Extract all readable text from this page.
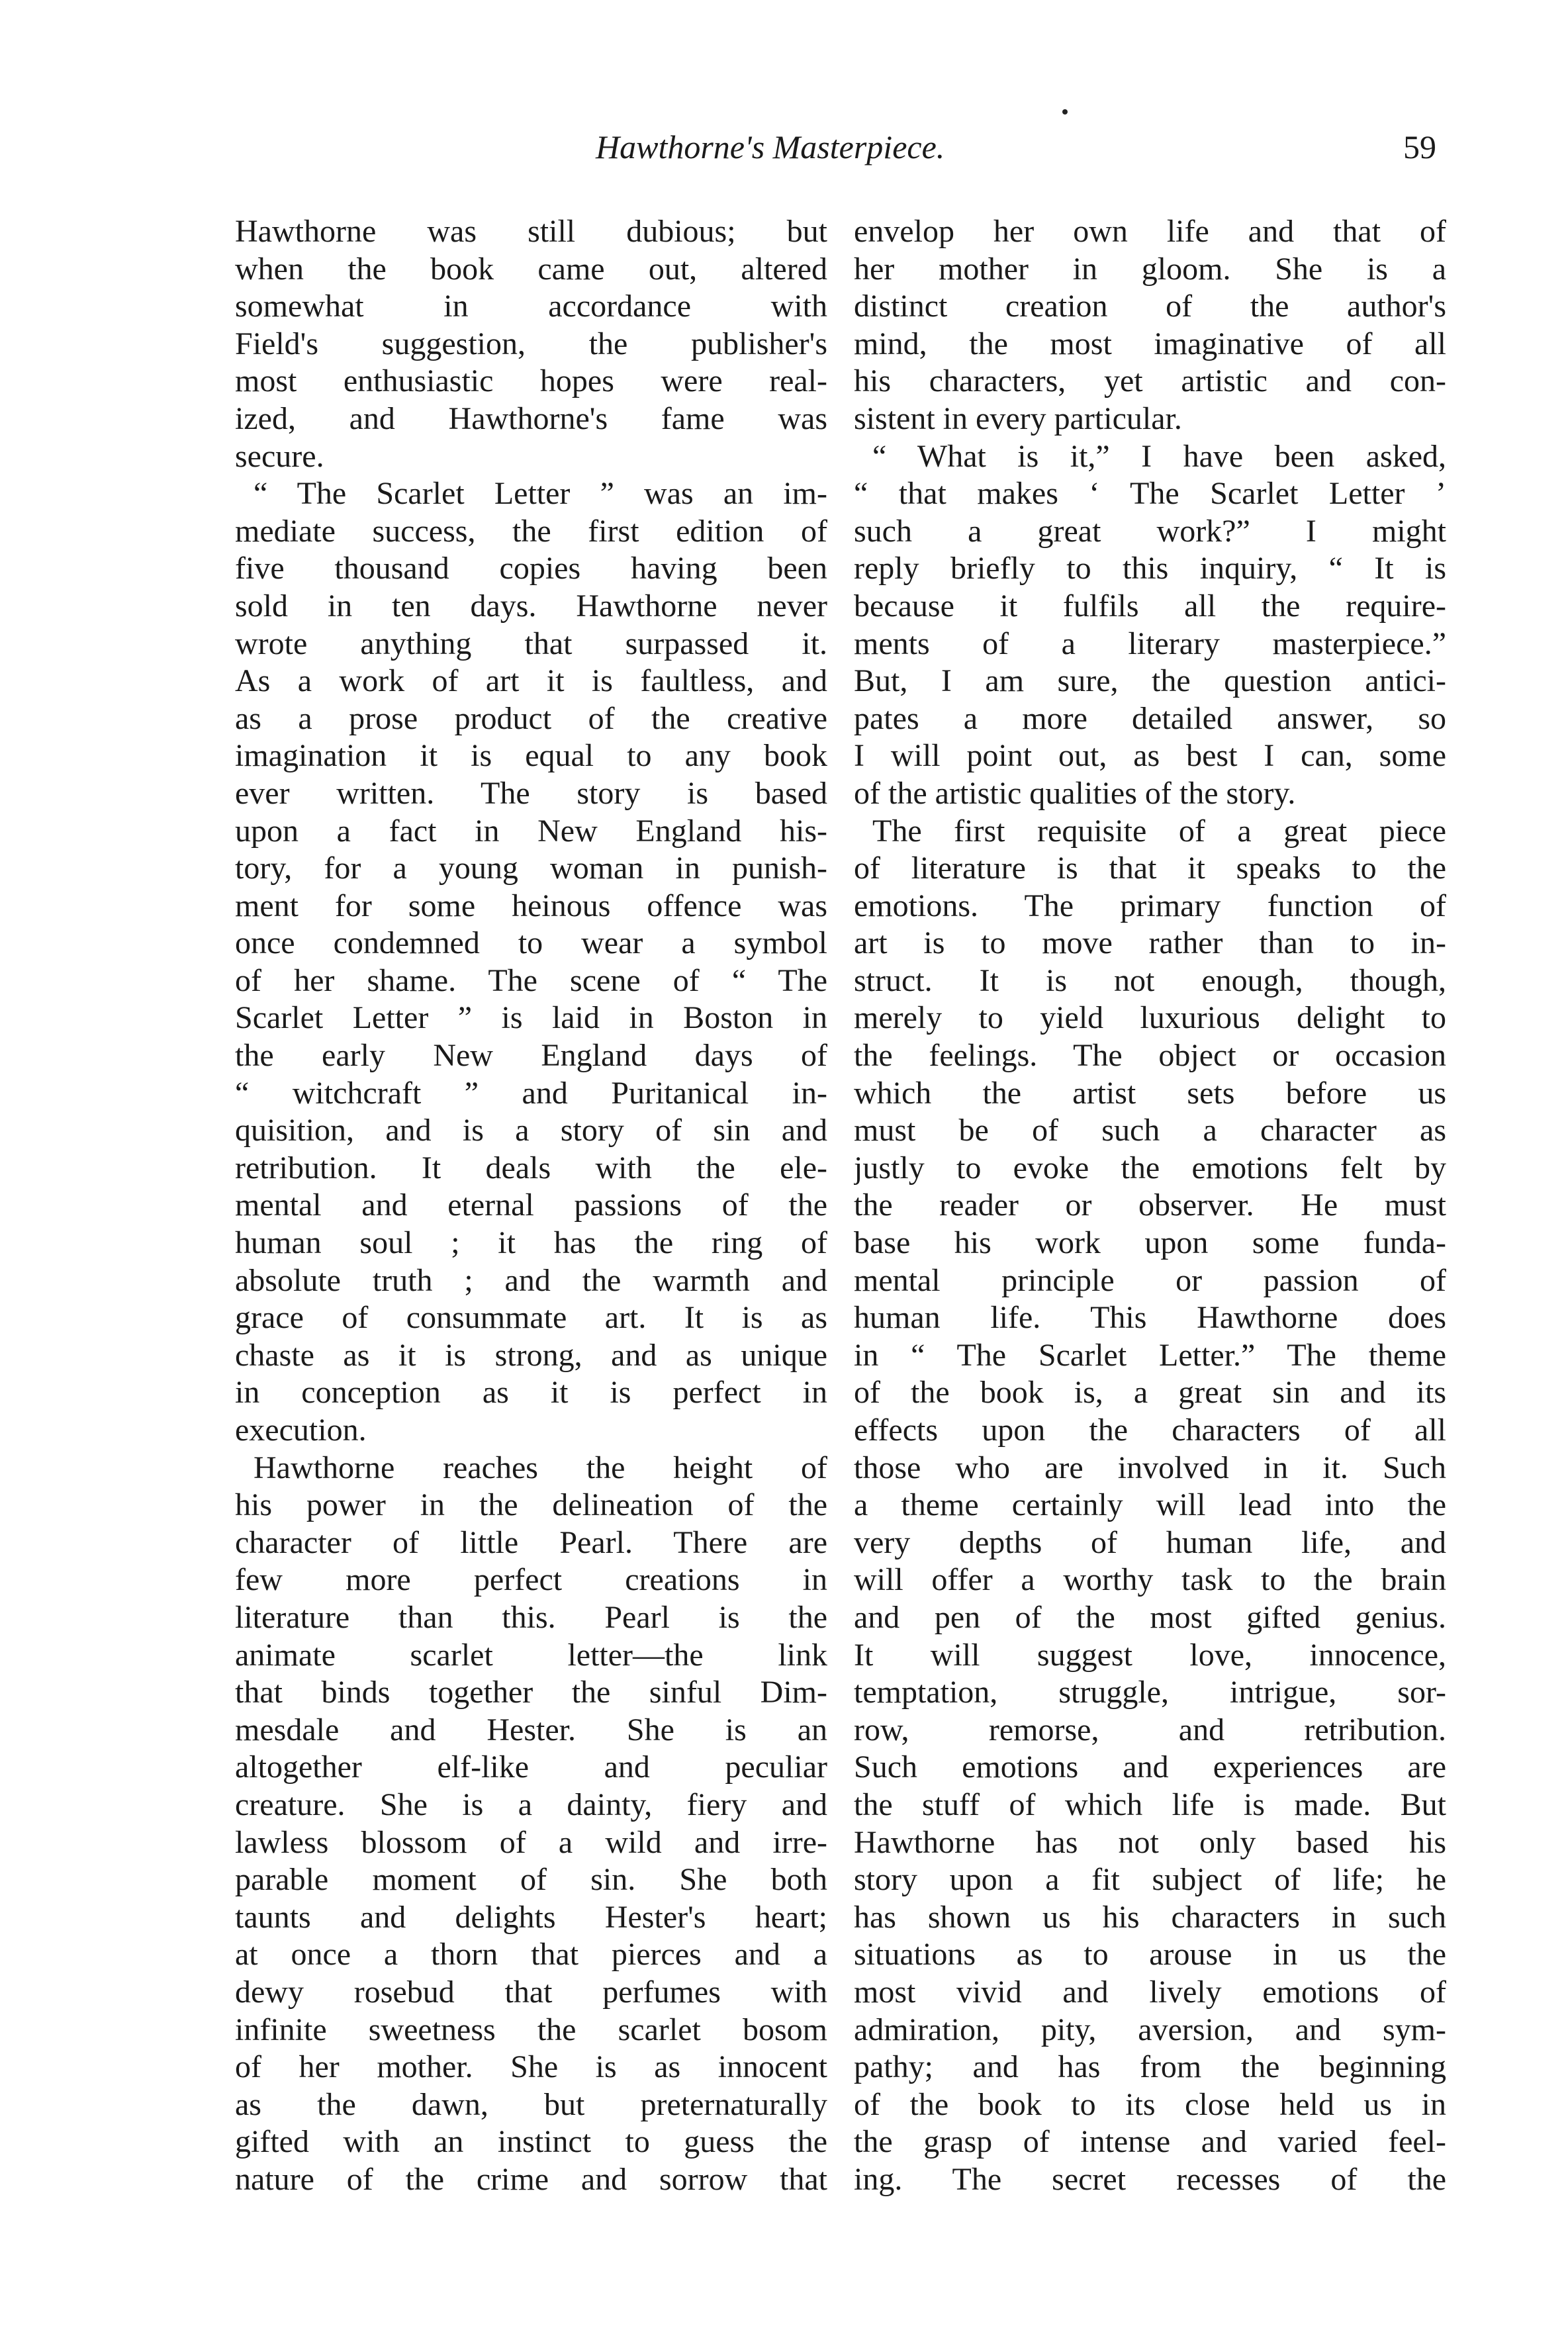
Hawthorne's Masterpiece.	59
Hawthorne was still dubious; but
when the book came out, altered
somewhat in accordance with
Field's suggestion, the publisher's
most enthusiastic hopes were real-
ized, and Hawthorne's fame was
secure.
“ The Scarlet Letter ” was an im-
mediate success, the first edition of
five thousand copies having been
sold in ten days. Hawthorne never
wrote anything that surpassed it.
As a work of art it is faultless, and
as a prose product of the creative
imagination it is equal to any book
ever written. The story is based
upon a fact in New England his-
tory, for a young woman in punish-
ment for some heinous offence was
once condemned to wear a symbol
of her shame. The scene of “ The
Scarlet Letter ” is laid in Boston in
the early New England days of
“ witchcraft ” and Puritanical in-
quisition, and is a story of sin and
retribution. It deals with the ele-
mental and eternal passions of the
human soul ; it has the ring of
absolute truth ; and the warmth and
grace of consummate art. It is as
chaste as it is strong, and as unique
in conception as it is perfect in
execution.
Hawthorne reaches the height of
his power in the delineation of the
character of little Pearl. There are
few more perfect creations in
literature than this. Pearl is the
animate scarlet letter—the link
that binds together the sinful Dim-
mesdale and Hester. She is an
altogether elf-like and peculiar
creature. She is a dainty, fiery and
lawless blossom of a wild and irre-
parable moment of sin. She both
taunts and delights Hester's heart;
at once a thorn that pierces and a
dewy rosebud that perfumes with
infinite sweetness the scarlet bosom
of her mother. She is as innocent
as the dawn, but preternaturally
gifted with an instinct to guess the
nature of the crime and sorrow that
envelop her own life and that of
her mother in gloom. She is a
distinct creation of the author's
mind, the most imaginative of all
his characters, yet artistic and con-
sistent in every particular.
“ What is it,” I have been asked,
“ that makes ‘ The Scarlet Letter ’
such a great work?” I might
reply briefly to this inquiry, “ It is
because it fulfils all the require-
ments of a literary masterpiece.”
But, I am sure, the question antici-
pates a more detailed answer, so
I will point out, as best I can, some
of the artistic qualities of the story.
The first requisite of a great piece
of literature is that it speaks to the
emotions. The primary function of
art is to move rather than to in-
struct. It is not enough, though,
merely to yield luxurious delight to
the feelings. The object or occasion
which the artist sets before us
must be of such a character as
justly to evoke the emotions felt by
the reader or observer. He must
base his work upon some funda-
mental principle or passion of
human life. This Hawthorne does
in “ The Scarlet Letter.” The theme
of the book is, a great sin and its
effects upon the characters of all
those who are involved in it. Such
a theme certainly will lead into the
very depths of human life, and
will offer a worthy task to the brain
and pen of the most gifted genius.
It will suggest love, innocence,
temptation, struggle, intrigue, sor-
row, remorse, and retribution.
Such emotions and experiences are
the stuff of which life is made. But
Hawthorne has not only based his
story upon a fit subject of life; he
has shown us his characters in such
situations as to arouse in us the
most vivid and lively emotions of
admiration, pity, aversion, and sym-
pathy; and has from the beginning
of the book to its close held us in
the grasp of intense and varied feel-
ing. The secret recesses of the
